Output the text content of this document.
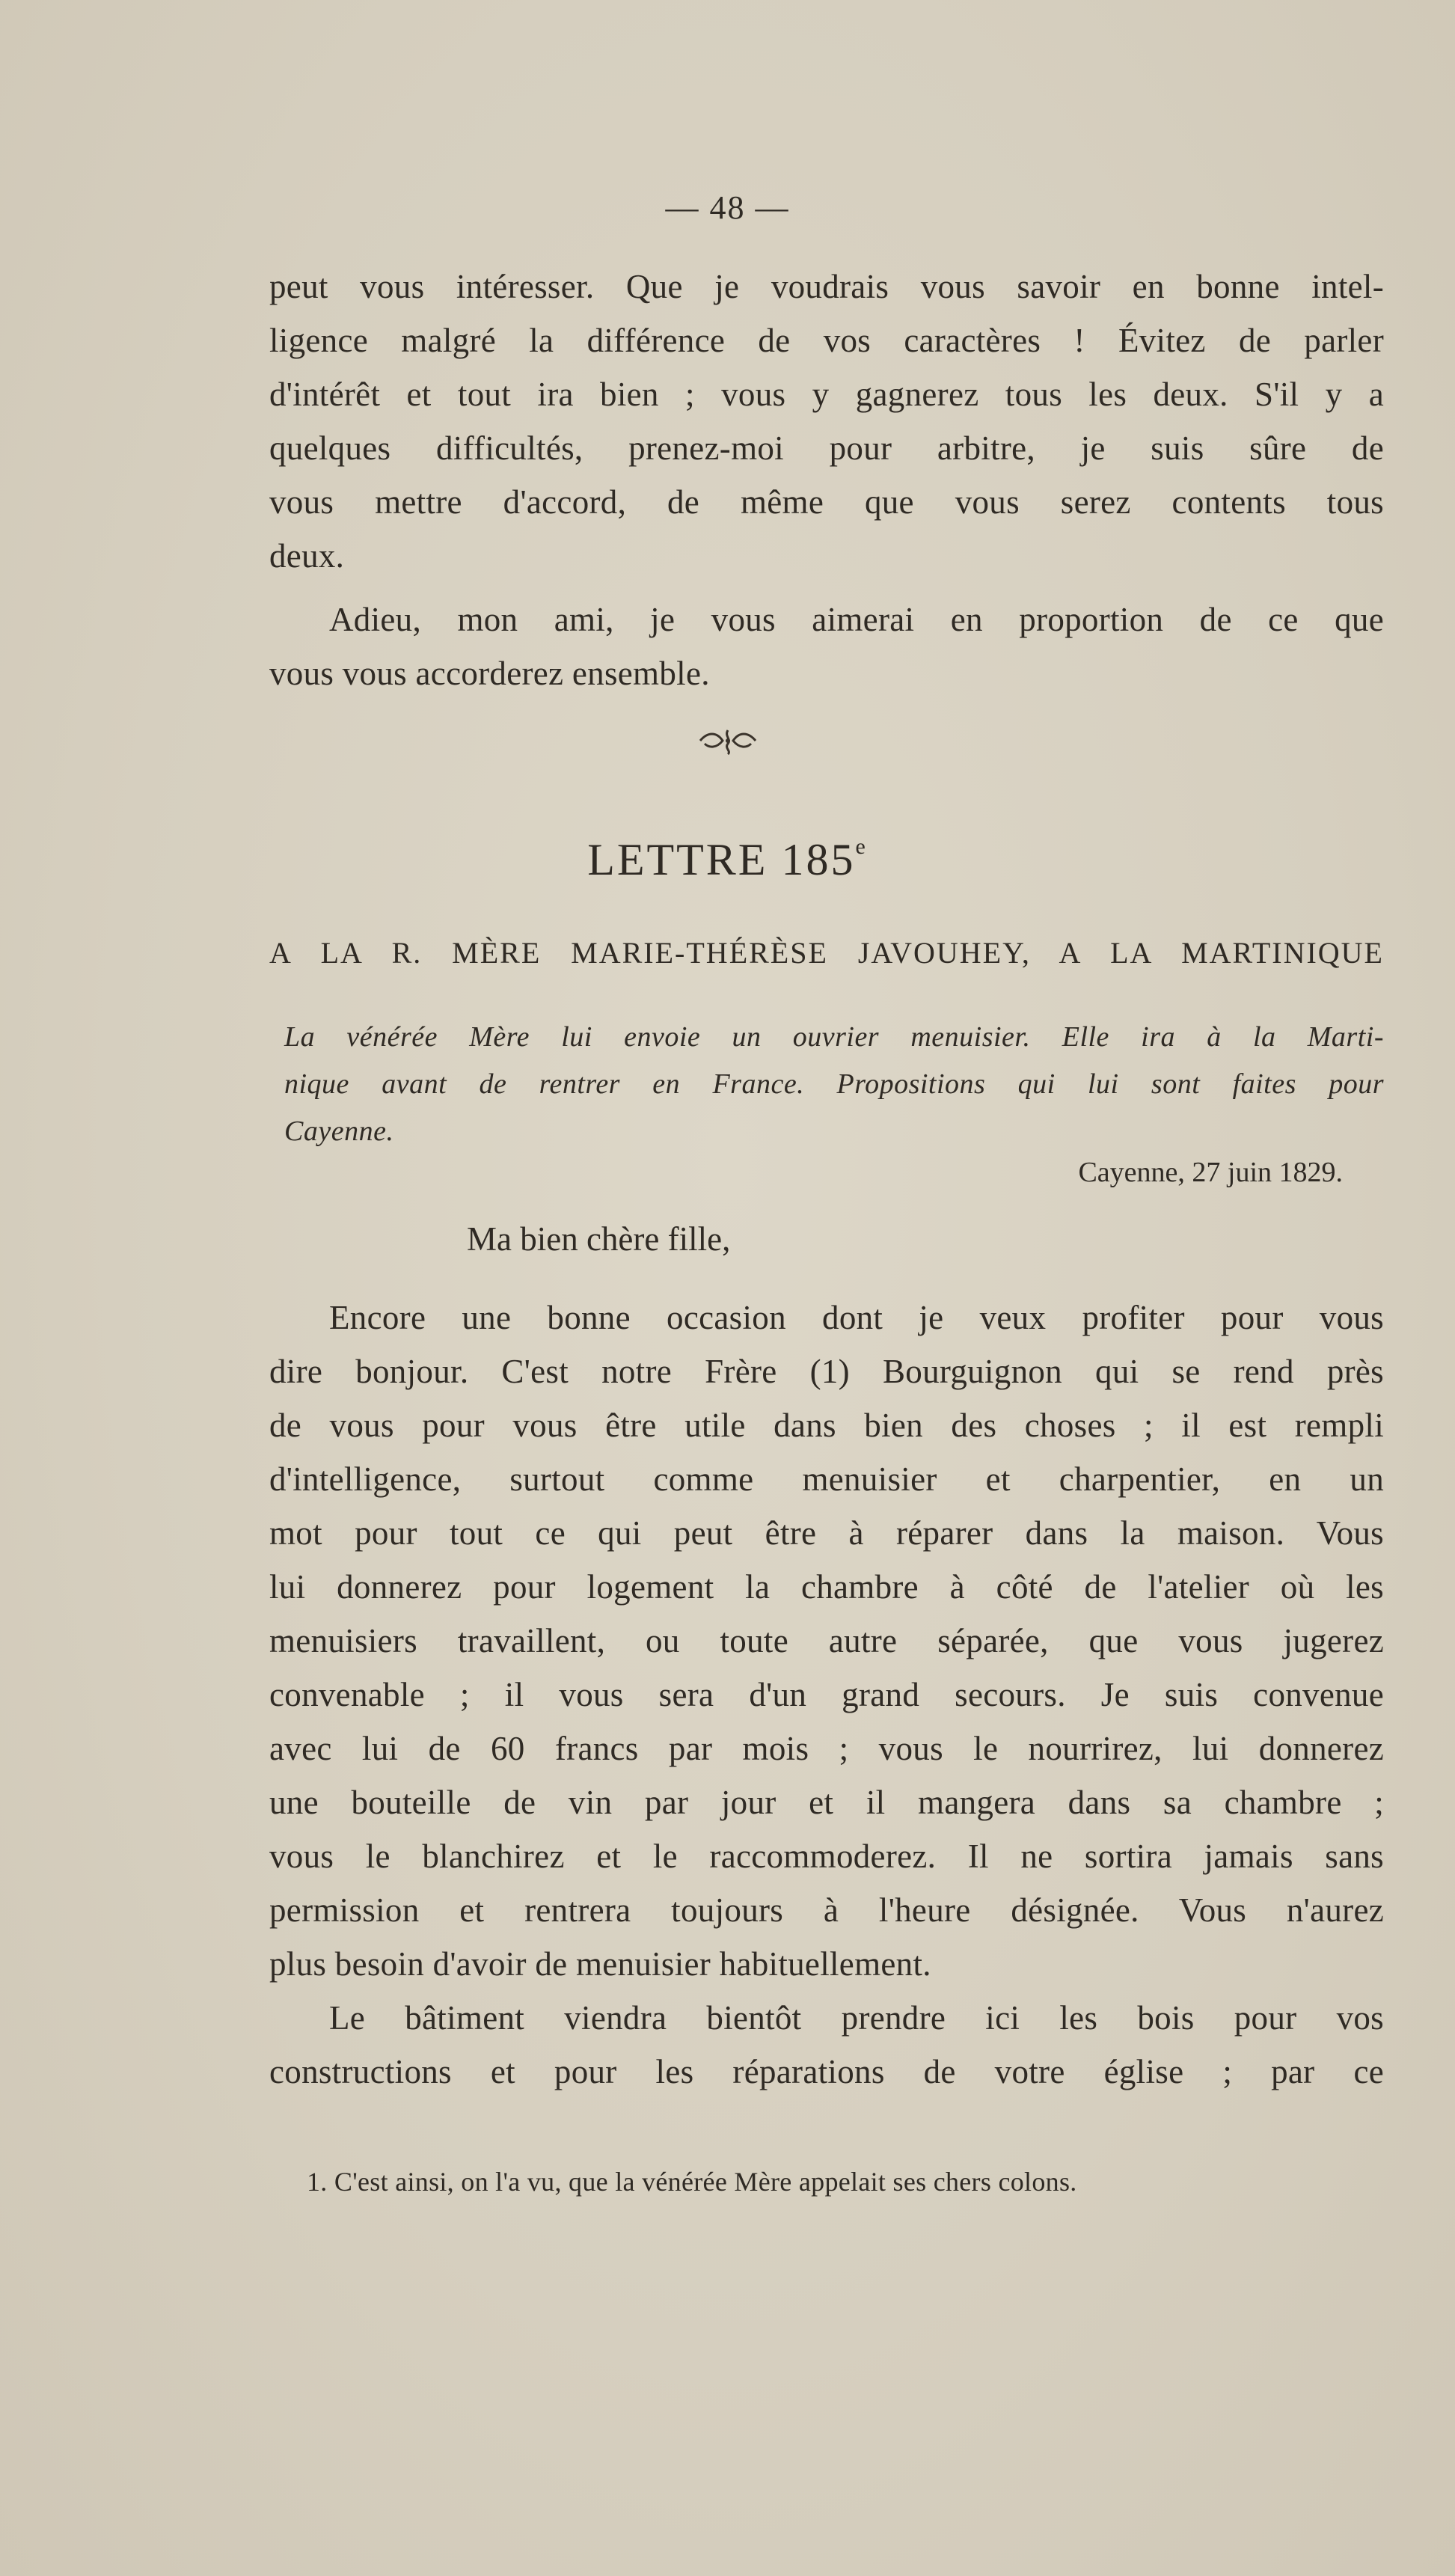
— 48 —

peut vous intéresser. Que je voudrais vous savoir en bonne intel-
ligence malgré la différence de vos caractères ! Évitez de parler
d'intérêt et tout ira bien ; vous y gagnerez tous les deux. S'il y a
quelques difficultés, prenez-moi pour arbitre, je suis sûre de
vous mettre d'accord, de même que vous serez contents tous
deux.

Adieu, mon ami, je vous aimerai en proportion de ce que
vous vous accorderez ensemble.

LETTRE 185e
A LA R. MÈRE MARIE-THÉRÈSE JAVOUHEY, A LA MARTINIQUE
La vénérée Mère lui envoie un ouvrier menuisier. Elle ira à la Marti-
nique avant de rentrer en France. Propositions qui lui sont faites pour
Cayenne.
Cayenne, 27 juin 1829.
Ma bien chère fille,

Encore une bonne occasion dont je veux profiter pour vous
dire bonjour. C'est notre Frère (1) Bourguignon qui se rend près
de vous pour vous être utile dans bien des choses ; il est rempli
d'intelligence, surtout comme menuisier et charpentier, en un
mot pour tout ce qui peut être à réparer dans la maison. Vous
lui donnerez pour logement la chambre à côté de l'atelier où les
menuisiers travaillent, ou toute autre séparée, que vous jugerez
convenable ; il vous sera d'un grand secours. Je suis convenue
avec lui de 60 francs par mois ; vous le nourrirez, lui donnerez
une bouteille de vin par jour et il mangera dans sa chambre ;
vous le blanchirez et le raccommoderez. Il ne sortira jamais sans
permission et rentrera toujours à l'heure désignée. Vous n'aurez
plus besoin d'avoir de menuisier habituellement.

Le bâtiment viendra bientôt prendre ici les bois pour vos
constructions et pour les réparations de votre église ; par ce

1. C'est ainsi, on l'a vu, que la vénérée Mère appelait ses chers colons.
